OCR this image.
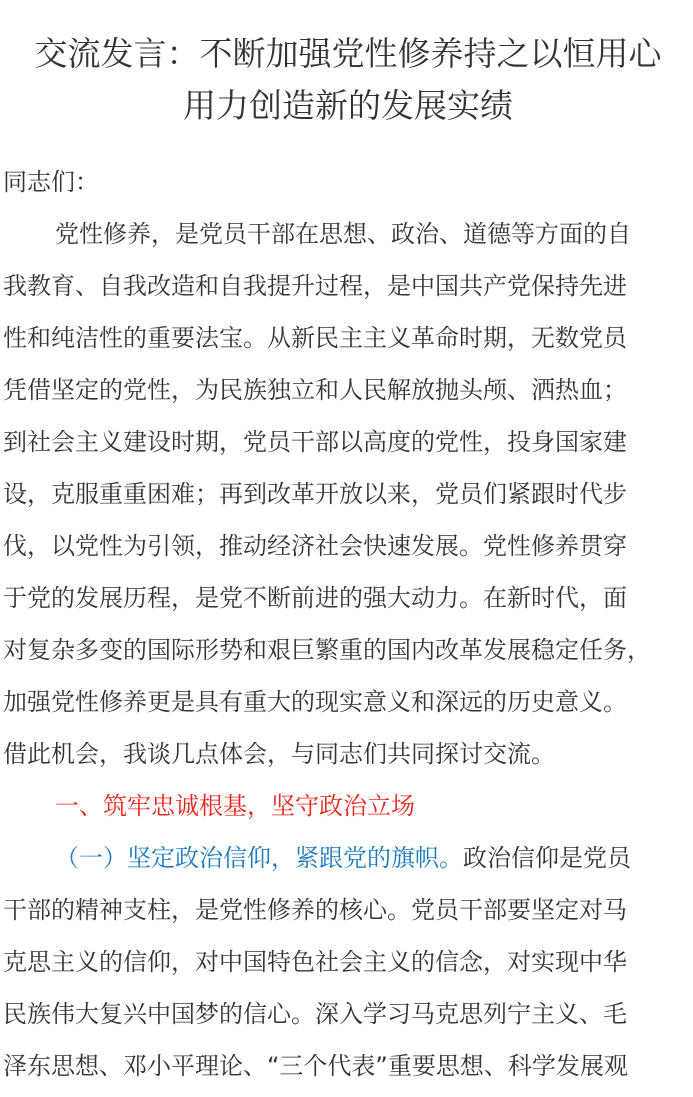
交流发言：不断加强党性修养持之以恒用心
用力创造新的发展实绩
同志们：
党性修养，是党员干部在思想、政治、道德等方面的自
我教育、自我改造和自我提升过程，是中国共产党保持先进
性和纯洁性的重要法宝。从新民主主义革命时期，无数党员
凭借坚定的党性，为民族独立和人民解放抛头颅、洒热血；
到社会主义建设时期，党员干部以高度的党性，投身国家建
设，克服重重困难；再到改革开放以来，党员们紧跟时代步
伐，以党性为引领，推动经济社会快速发展。党性修养贯穿
于党的发展历程，是党不断前进的强大动力。在新时代，面
对复杂多变的国际形势和艰巨繁重的国内改革发展稳定任务，
加强党性修养更是具有重大的现实意义和深远的历史意义。
借此机会，我谈几点体会，与同志们共同探讨交流。
一、筑牢忠诚根基，坚守政治立场
（一）坚定政治信仰，紧跟党的旗帜。政治信仰是党员
干部的精神支柱，是党性修养的核心。党员干部要坚定对马
克思主义的信仰，对中国特色社会主义的信念，对实现中华
民族伟大复兴中国梦的信心。深入学习马克思列宁主义、毛
泽东思想、邓小平理论、“三个代表”重要思想、科学发展观
